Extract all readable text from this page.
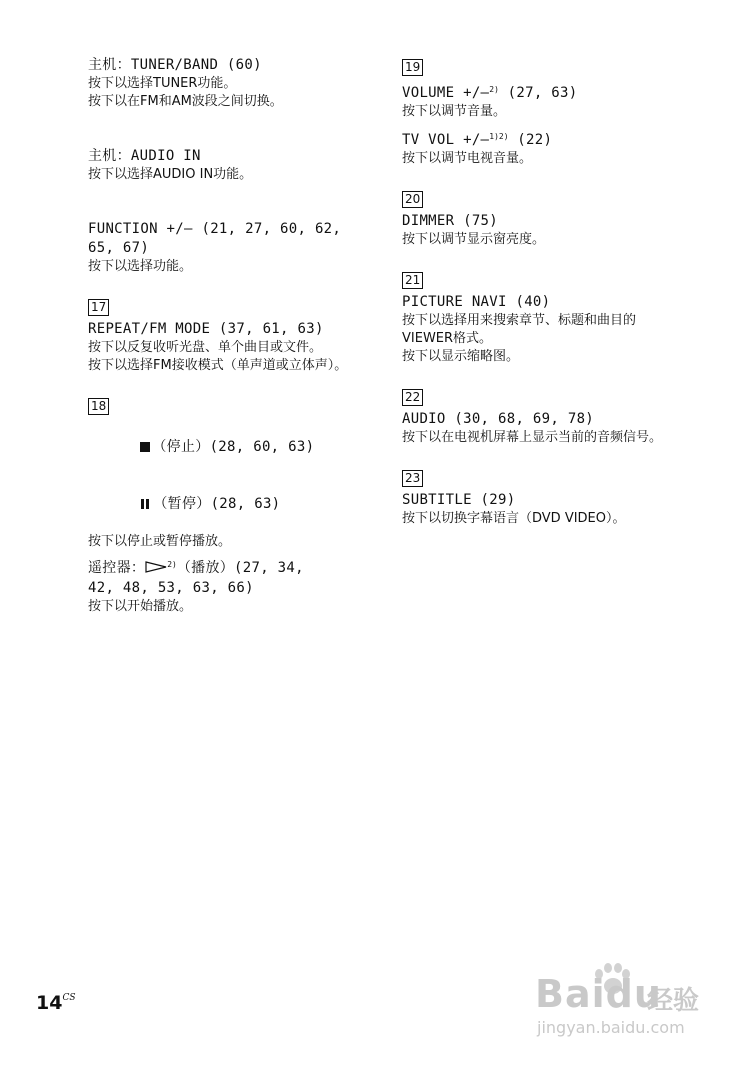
主机：TUNER/BAND (60)
按下以选择TUNER功能。
按下以在FM和AM波段之间切换。
主机：AUDIO IN
按下以选择AUDIO IN功能。
FUNCTION +/– (21, 27, 60, 62,
65, 67)
按下以选择功能。
17
REPEAT/FM MODE (37, 61, 63)
按下以反复收听光盘、单个曲目或文件。
按下以选择FM接收模式（单声道或立体声）。
18

（停止）(28, 60, 63)

（暂停）(28, 63)

按下以停止或暂停播放。
遥控器：	$^{2)}$（播放）(27, 34,
42, 48, 53, 63, 66)
按下以开始播放。
19
VOLUME +/–$^{2)}$ (27, 63)
按下以调节音量。
TV VOL +/–$^{1)2)}$ (22)
按下以调节电视音量。
20
DIMMER (75)
按下以调节显示窗亮度。
21
PICTURE NAVI (40)
按下以选择用来搜索章节、标题和曲目的VIEWER格式。
按下以显示缩略图。
22
AUDIO (30, 68, 69, 78)
按下以在电视机屏幕上显示当前的音频信号。
23
SUBTITLE (29)
按下以切换字幕语言（DVD VIDEO）。
$14^{CS}$	Baidu
经验
jingyan.baidu.com
